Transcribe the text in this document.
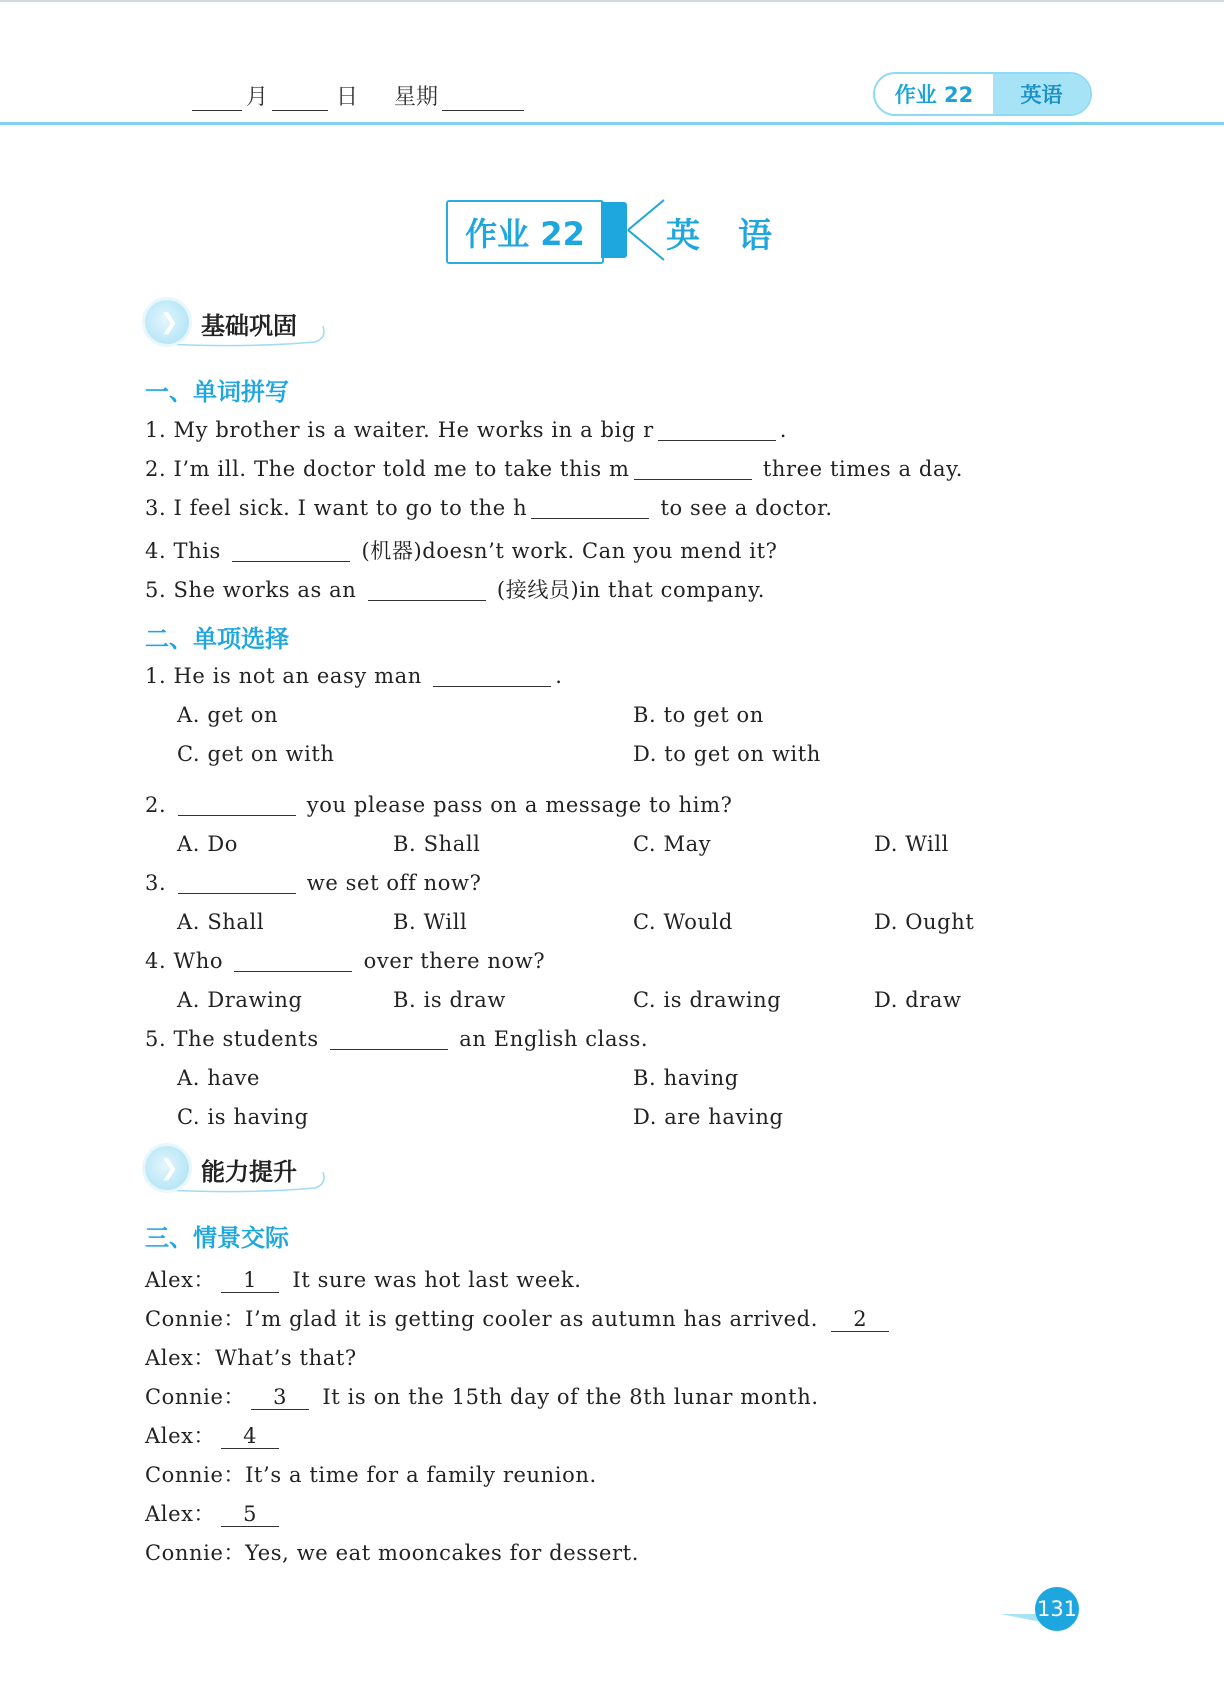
月	日 星期	作业 22	英语
作业 22	英语
❯ 基础巩固
一、单词拼写
1. My brother is a waiter. He works in a big r	.
2. I’m ill. The doctor told me to take this m	three times a day.
3. I feel sick. I want to go to the h	to see a doctor.
4. This	(机器)doesn’t work. Can you mend it?
5. She works as an	(接线员)in that company.
二、单项选择
1. He is not an easy man	.
A. get on	B. to get on
C. get on with	D. to get on with
2.	you please pass on a message to him?
A. Do	B. Shall	C. May	D. Will
3.	we set off now?
A. Shall	B. Will	C. Would	D. Ought
4. Who	over there now?
A. Drawing	B. is draw	C. is drawing	D. draw
5. The students	an English class.
A. have	B. having
C. is having	D. are having
❯ 能力提升
三、情景交际
Alex： 1 It sure was hot last week.
Connie：I’m glad it is getting cooler as autumn has arrived. 2
Alex：What’s that?
Connie： 3 It is on the 15th day of the 8th lunar month.
Alex： 4
Connie：It’s a time for a family reunion.
Alex： 5
Connie：Yes, we eat mooncakes for dessert.
131
